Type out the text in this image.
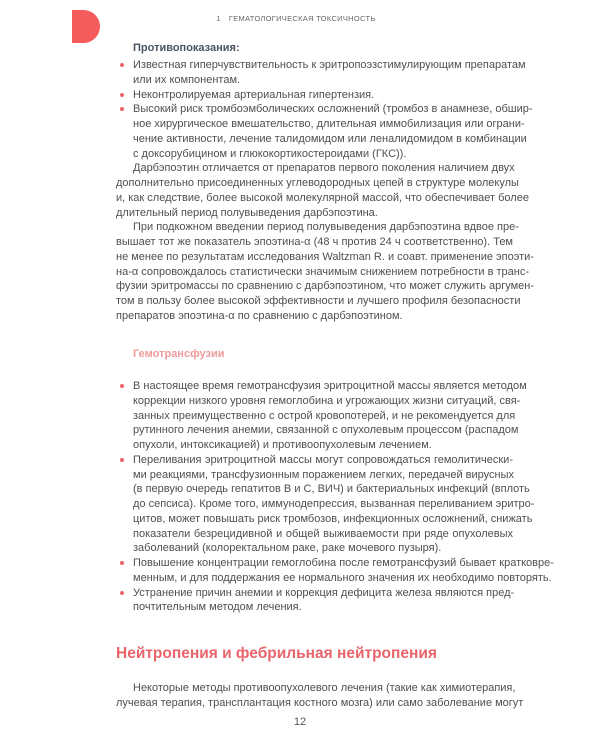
1 ГЕМАТОЛОГИЧЕСКАЯ ТОКСИЧНОСТЬ
Противопоказания:
Гемотрансфузии
Нейтропения и фебрильная нейтропения
12
Известная гиперчувствительность к эритропоэзстимулирующим препаратам
или их компонентам.
Неконтролируемая артериальная гипертензия.
Высокий риск тромбоэмболических осложнений (тромбоз в анамнезе, обшир-
ное хирургическое вмешательство, длительная иммобилизация или ограни-
чение активности, лечение талидомидом или леналидомидом в комбинации
с доксорубицином и глюкокортикостероидами (ГКС)).
Дарбэпоэтин отличается от препаратов первого поколения наличием двух
дополнительно присоединенных углеводородных цепей в структуре молекулы
и, как следствие, более высокой молекулярной массой, что обеспечивает более
длительный период полувыведения дарбэпоэтина.
При подкожном введении период полувыведения дарбэпоэтина вдвое пре-
вышает тот же показатель эпоэтина-α (48 ч против 24 ч соответственно). Тем
не менее по результатам исследования Waltzman R. и соавт. применение эпоэти-
на-α сопровождалось статистически значимым снижением потребности в транс-
фузии эритромассы по сравнению с дарбэпоэтином, что может служить аргумен-
том в пользу более высокой эффективности и лучшего профиля безопасности
препаратов эпоэтина-α по сравнению с дарбэпоэтином.
В настоящее время гемотрансфузия эритроцитной массы является методом
коррекции низкого уровня гемоглобина и угрожающих жизни ситуаций, свя-
занных преимущественно с острой кровопотерей, и не рекомендуется для
рутинного лечения анемии, связанной с опухолевым процессом (распадом
опухоли, интоксикацией) и противоопухолевым лечением.
Переливания эритроцитной массы могут сопровождаться гемолитически-
ми реакциями, трансфузионным поражением легких, передачей вирусных
(в первую очередь гепатитов В и С, ВИЧ) и бактериальных инфекций (вплоть
до сепсиса). Кроме того, иммунодепрессия, вызванная переливанием эритро-
цитов, может повышать риск тромбозов, инфекционных осложнений, снижать
показатели безрецидивной и общей выживаемости при ряде опухолевых
заболеваний (колоректальном раке, раке мочевого пузыря).
Повышение концентрации гемоглобина после гемотрансфузий бывает кратковре-
менным, и для поддержания ее нормального значения их необходимо повторять.
Устранение причин анемии и коррекция дефицита железа являются пред-
почтительным методом лечения.
Некоторые методы противоопухолевого лечения (такие как химиотерапия,
лучевая терапия, трансплантация костного мозга) или само заболевание могут
